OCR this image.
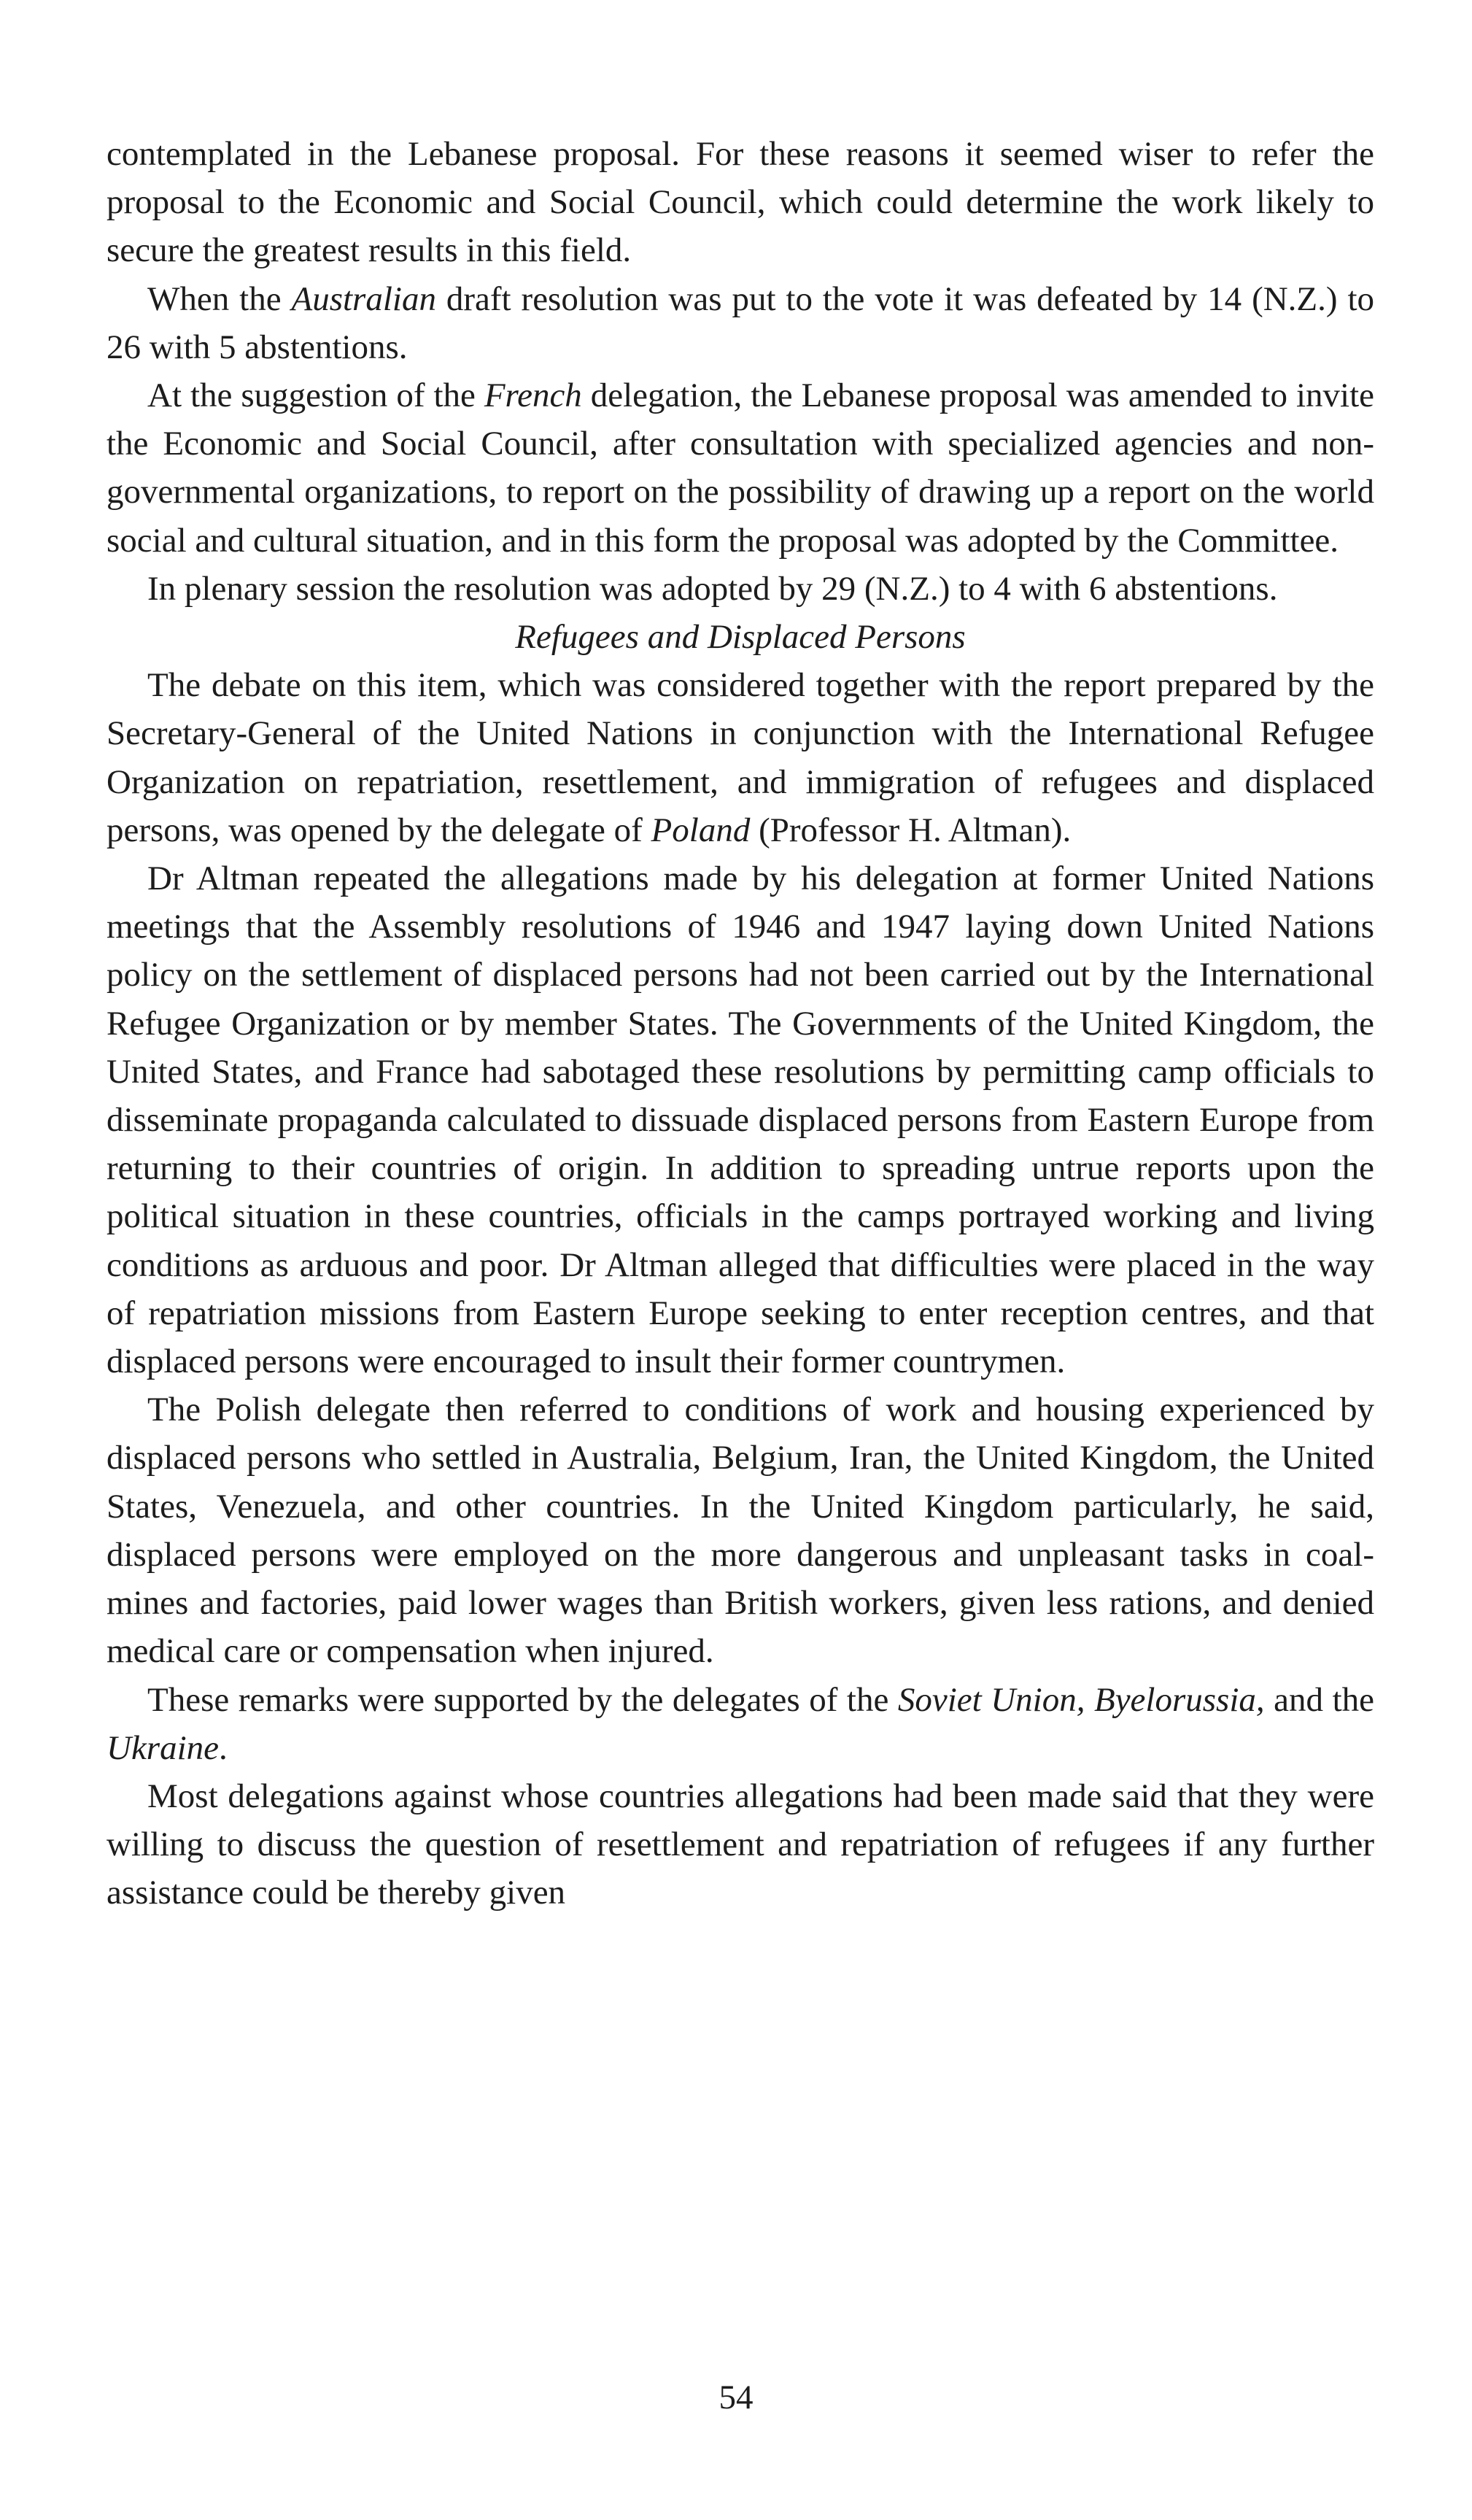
contemplated in the Lebanese proposal. For these reasons it seemed wiser to refer the proposal to the Economic and Social Council, which could determine the work likely to secure the greatest results in this field.

When the Australian draft resolution was put to the vote it was defeated by 14 (N.Z.) to 26 with 5 abstentions.

At the suggestion of the French delegation, the Lebanese proposal was amended to invite the Economic and Social Council, after consultation with specialized agencies and non-governmental organizations, to report on the possibility of drawing up a report on the world social and cultural situation, and in this form the proposal was adopted by the Committee.

In plenary session the resolution was adopted by 29 (N.Z.) to 4 with 6 abstentions.

Refugees and Displaced Persons

The debate on this item, which was considered together with the report prepared by the Secretary-General of the United Nations in conjunction with the International Refugee Organization on repatriation, resettlement, and immigration of refugees and displaced persons, was opened by the delegate of Poland (Professor H. Altman).

Dr Altman repeated the allegations made by his delegation at former United Nations meetings that the Assembly resolutions of 1946 and 1947 laying down United Nations policy on the settlement of displaced persons had not been carried out by the International Refugee Organization or by member States. The Governments of the United Kingdom, the United States, and France had sabotaged these resolutions by permitting camp officials to disseminate propaganda calculated to dissuade displaced persons from Eastern Europe from returning to their countries of origin. In addition to spreading untrue reports upon the political situation in these countries, officials in the camps portrayed working and living conditions as arduous and poor. Dr Altman alleged that difficulties were placed in the way of repatriation missions from Eastern Europe seeking to enter reception centres, and that displaced persons were encouraged to insult their former countrymen.

The Polish delegate then referred to conditions of work and housing experienced by displaced persons who settled in Australia, Belgium, Iran, the United Kingdom, the United States, Venezuela, and other countries. In the United Kingdom particularly, he said, displaced persons were employed on the more dangerous and unpleasant tasks in coal-mines and factories, paid lower wages than British workers, given less rations, and denied medical care or compensation when injured.

These remarks were supported by the delegates of the Soviet Union, Byelorussia, and the Ukraine.

Most delegations against whose countries allegations had been made said that they were willing to discuss the question of resettlement and repatriation of refugees if any further assistance could be thereby given

54
